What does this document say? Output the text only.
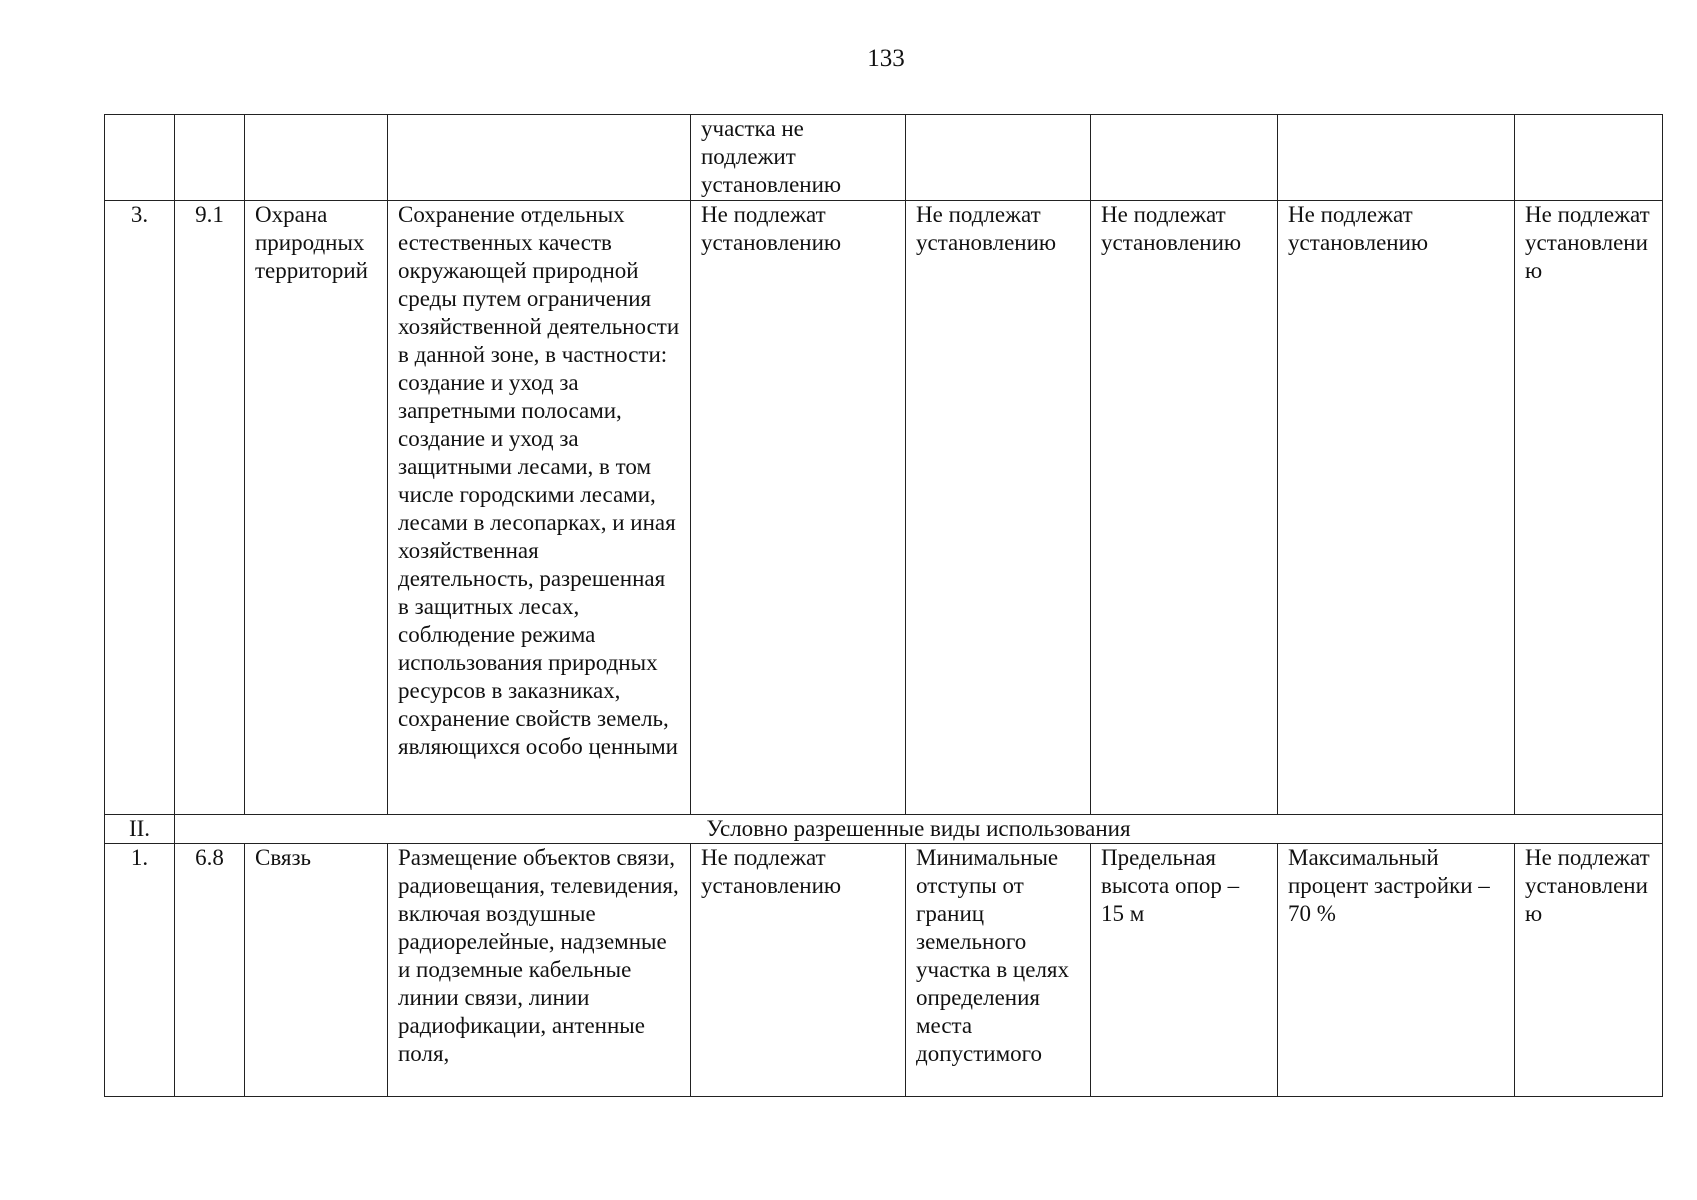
133
				участка не подлежит установлению				
3.	9.1	Охрана природных территорий	Сохранение отдельных естественных качеств окружающей природной среды путем ограничения хозяйственной деятельности в данной зоне, в частности: создание и уход за запретными полосами, создание и уход за защитными лесами, в том числе городскими лесами, лесами в лесопарках, и иная хозяйственная деятельность, разрешенная в защитных лесах, соблюдение режима использования природных ресурсов в заказниках, сохранение свойств земель, являющихся особо ценными	Не подлежат установлению	Не подлежат установлению	Не подлежат установлению	Не подлежат установлению	Не подлежат установлению
II.	Условно разрешенные виды использования							
1.	6.8	Связь	Размещение объектов связи, радиовещания, телевидения, включая воздушные радиорелейные, надземные и подземные кабельные линии связи, линии радиофикации, антенные поля,	Не подлежат установлению	Минимальные отступы от границ земельного участка в целях определения места допустимого	Предельная высота опор – 15 м	Максимальный процент застройки – 70 %	Не подлежат установлению
